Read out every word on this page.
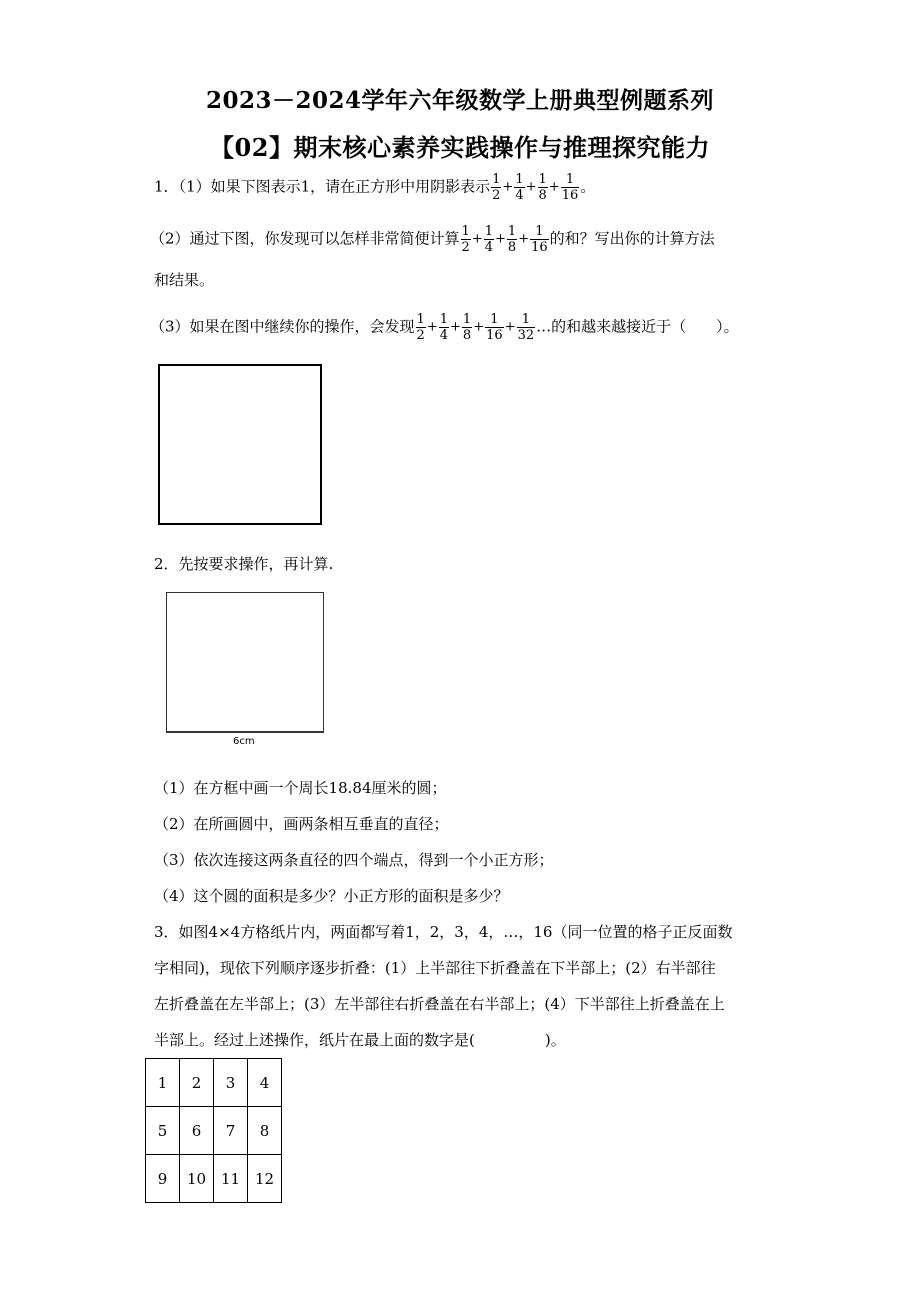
2023－2024学年六年级数学上册典型例题系列
【02】期末核心素养实践操作与推理探究能力
1．（1）如果下图表示1，请在正方形中用阴影表示 $\frac{1}{2} + \frac{1}{4} + \frac{1}{8} + \frac{1}{16}$ 。
（2）通过下图，你发现可以怎样非常简便计算 $\frac{1}{2} + \frac{1}{4} + \frac{1}{8} + \frac{1}{16}$ 的和？写出你的计算方法
和结果。
（3）如果在图中继续你的操作，会发现 $\frac{1}{2} + \frac{1}{4} + \frac{1}{8} + \frac{1}{16} + \frac{1}{32}$ …的和越来越接近于（　　）。
2．先按要求操作，再计算.
6cm
（1）在方框中画一个周长18.84厘米的圆；
（2）在所画圆中，画两条相互垂直的直径；
（3）依次连接这两条直径的四个端点，得到一个小正方形；
（4）这个圆的面积是多少？小正方形的面积是多少？
3．如图4×4方格纸片内，两面都写着1，2，3，4，…，16（同一位置的格子正反面数
字相同)，现依下列顺序逐步折叠：(1）上半部往下折叠盖在下半部上；(2）右半部往
左折叠盖在左半部上；(3）左半部往右折叠盖在右半部上；(4）下半部往上折叠盖在上
半部上。经过上述操作，纸片在最上面的数字是(	)。
1	2	3	4
5	6	7	8
9	10	11	12
